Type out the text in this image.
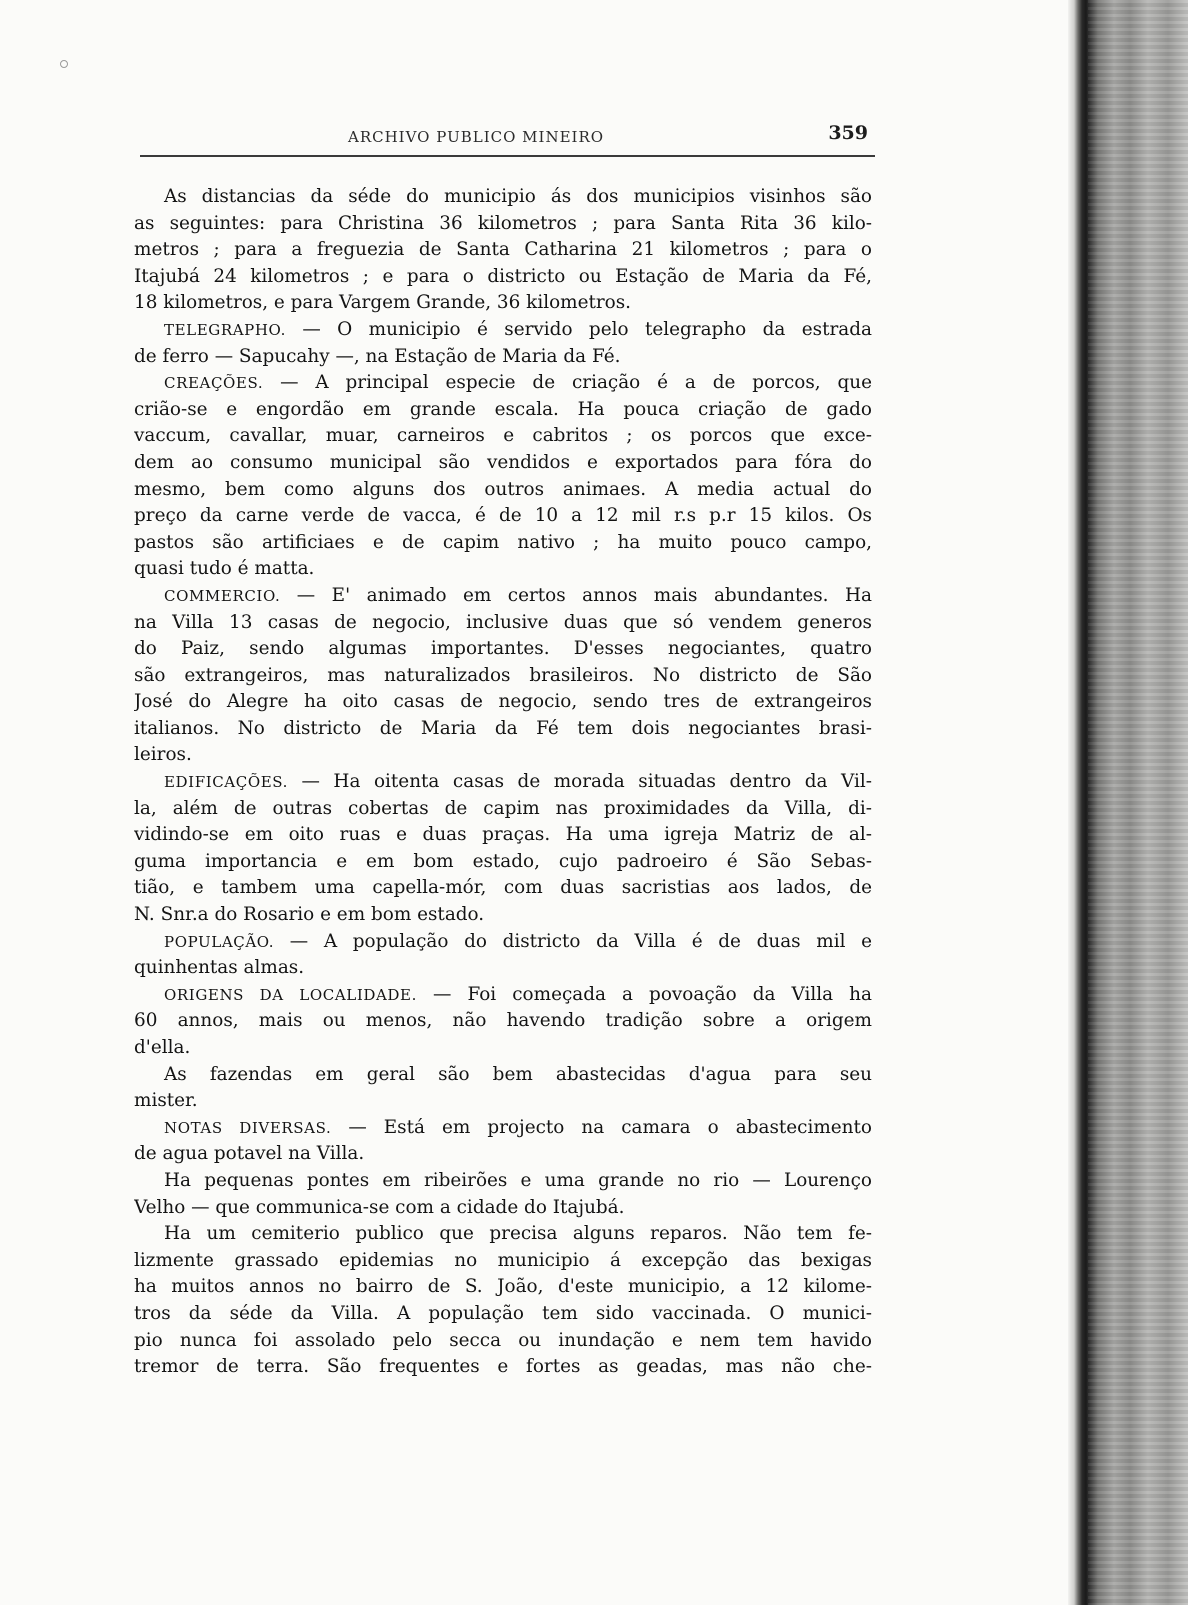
ARCHIVO PUBLICO MINEIRO	359
As distancias da séde do municipio ás dos municipios visinhos são
as seguintes: para Christina 36 kilometros ; para Santa Rita 36 kilo-
metros ; para a freguezia de Santa Catharina 21 kilometros ; para o
Itajubá 24 kilometros ; e para o districto ou Estação de Maria da Fé,
18 kilometros, e para Vargem Grande, 36 kilometros.
TELEGRAPHO. — O municipio é servido pelo telegrapho da estrada
de ferro — Sapucahy —, na Estação de Maria da Fé.
CREAÇÕES. — A principal especie de criação é a de porcos, que
crião-se e engordão em grande escala. Ha pouca criação de gado
vaccum, cavallar, muar, carneiros e cabritos ; os porcos que exce-
dem ao consumo municipal são vendidos e exportados para fóra do
mesmo, bem como alguns dos outros animaes. A media actual do
preço da carne verde de vacca, é de 10 a 12 mil r.s p.r 15 kilos. Os
pastos são artificiaes e de capim nativo ; ha muito pouco campo,
quasi tudo é matta.
COMMERCIO. — E' animado em certos annos mais abundantes. Ha
na Villa 13 casas de negocio, inclusive duas que só vendem generos
do Paiz, sendo algumas importantes. D'esses negociantes, quatro
são extrangeiros, mas naturalizados brasileiros. No districto de São
José do Alegre ha oito casas de negocio, sendo tres de extrangeiros
italianos. No districto de Maria da Fé tem dois negociantes brasi-
leiros.
EDIFICAÇÕES. — Ha oitenta casas de morada situadas dentro da Vil-
la, além de outras cobertas de capim nas proximidades da Villa, di-
vidindo-se em oito ruas e duas praças. Ha uma igreja Matriz de al-
guma importancia e em bom estado, cujo padroeiro é São Sebas-
tião, e tambem uma capella-mór, com duas sacristias aos lados, de
N. Snr.a do Rosario e em bom estado.
POPULAÇÃO. — A população do districto da Villa é de duas mil e
quinhentas almas.
ORIGENS DA LOCALIDADE. — Foi começada a povoação da Villa ha
60 annos, mais ou menos, não havendo tradição sobre a origem
d'ella.
As fazendas em geral são bem abastecidas d'agua para seu
mister.
NOTAS DIVERSAS. — Está em projecto na camara o abastecimento
de agua potavel na Villa.
Ha pequenas pontes em ribeirões e uma grande no rio — Lourenço
Velho — que communica-se com a cidade do Itajubá.
Ha um cemiterio publico que precisa alguns reparos. Não tem fe-
lizmente grassado epidemias no municipio á excepção das bexigas
ha muitos annos no bairro de S. João, d'este municipio, a 12 kilome-
tros da séde da Villa. A população tem sido vaccinada. O munici-
pio nunca foi assolado pelo secca ou inundação e nem tem havido
tremor de terra. São frequentes e fortes as geadas, mas não che-
